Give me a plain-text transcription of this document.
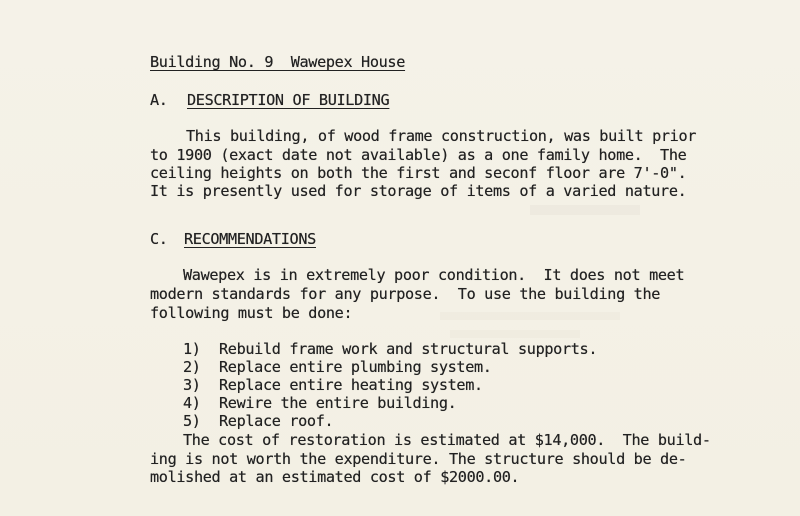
Building No. 9  Wawepex House
A. DESCRIPTION OF BUILDING
This building, of wood frame construction, was built prior
to 1900 (exact date not available) as a one family home.  The
ceiling heights on both the first and seconf floor are 7'-0".
It is presently used for storage of items of a varied nature.
C. RECOMMENDATIONS
Wawepex is in extremely poor condition.  It does not meet
modern standards for any purpose.  To use the building the
following must be done:
1) Rebuild frame work and structural supports.
2) Replace entire plumbing system.
3) Replace entire heating system.
4) Rewire the entire building.
5) Replace roof.
The cost of restoration is estimated at $14,000.  The build-
ing is not worth the expenditure. The structure should be de-
molished at an estimated cost of $2000.00.
